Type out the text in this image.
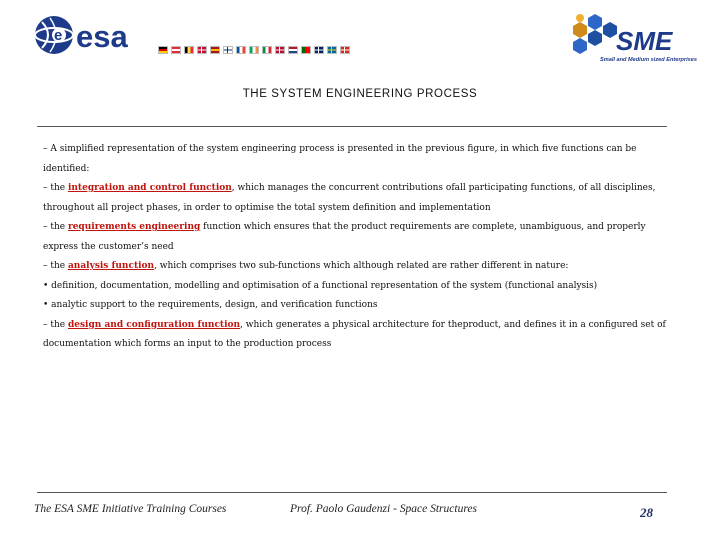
e esa	SME
Small and Medium sized Enterprises
THE SYSTEM ENGINEERING PROCESS

– A simplified representation of the system engineering process is presented in the previous figure, in which five functions can be identified:

– the integration and control function, which manages the concurrent contributions ofall participating functions, of all disciplines, throughout all project phases, in order to optimise the total system definition and implementation

– the requirements engineering function which ensures that the product requirements are complete, unambiguous, and properly express the customer’s need

– the analysis function, which comprises two sub-functions which although related are rather different in nature:

• definition, documentation, modelling and optimisation of a functional representation of the system (functional analysis)

• analytic support to the requirements, design, and verification functions

– the design and configuration function, which generates a physical architecture for theproduct, and defines it in a configured set of documentation which forms an input to the production process

The ESA SME Initiative Training Courses	Prof. Paolo Gaudenzi - Space Structures	28
